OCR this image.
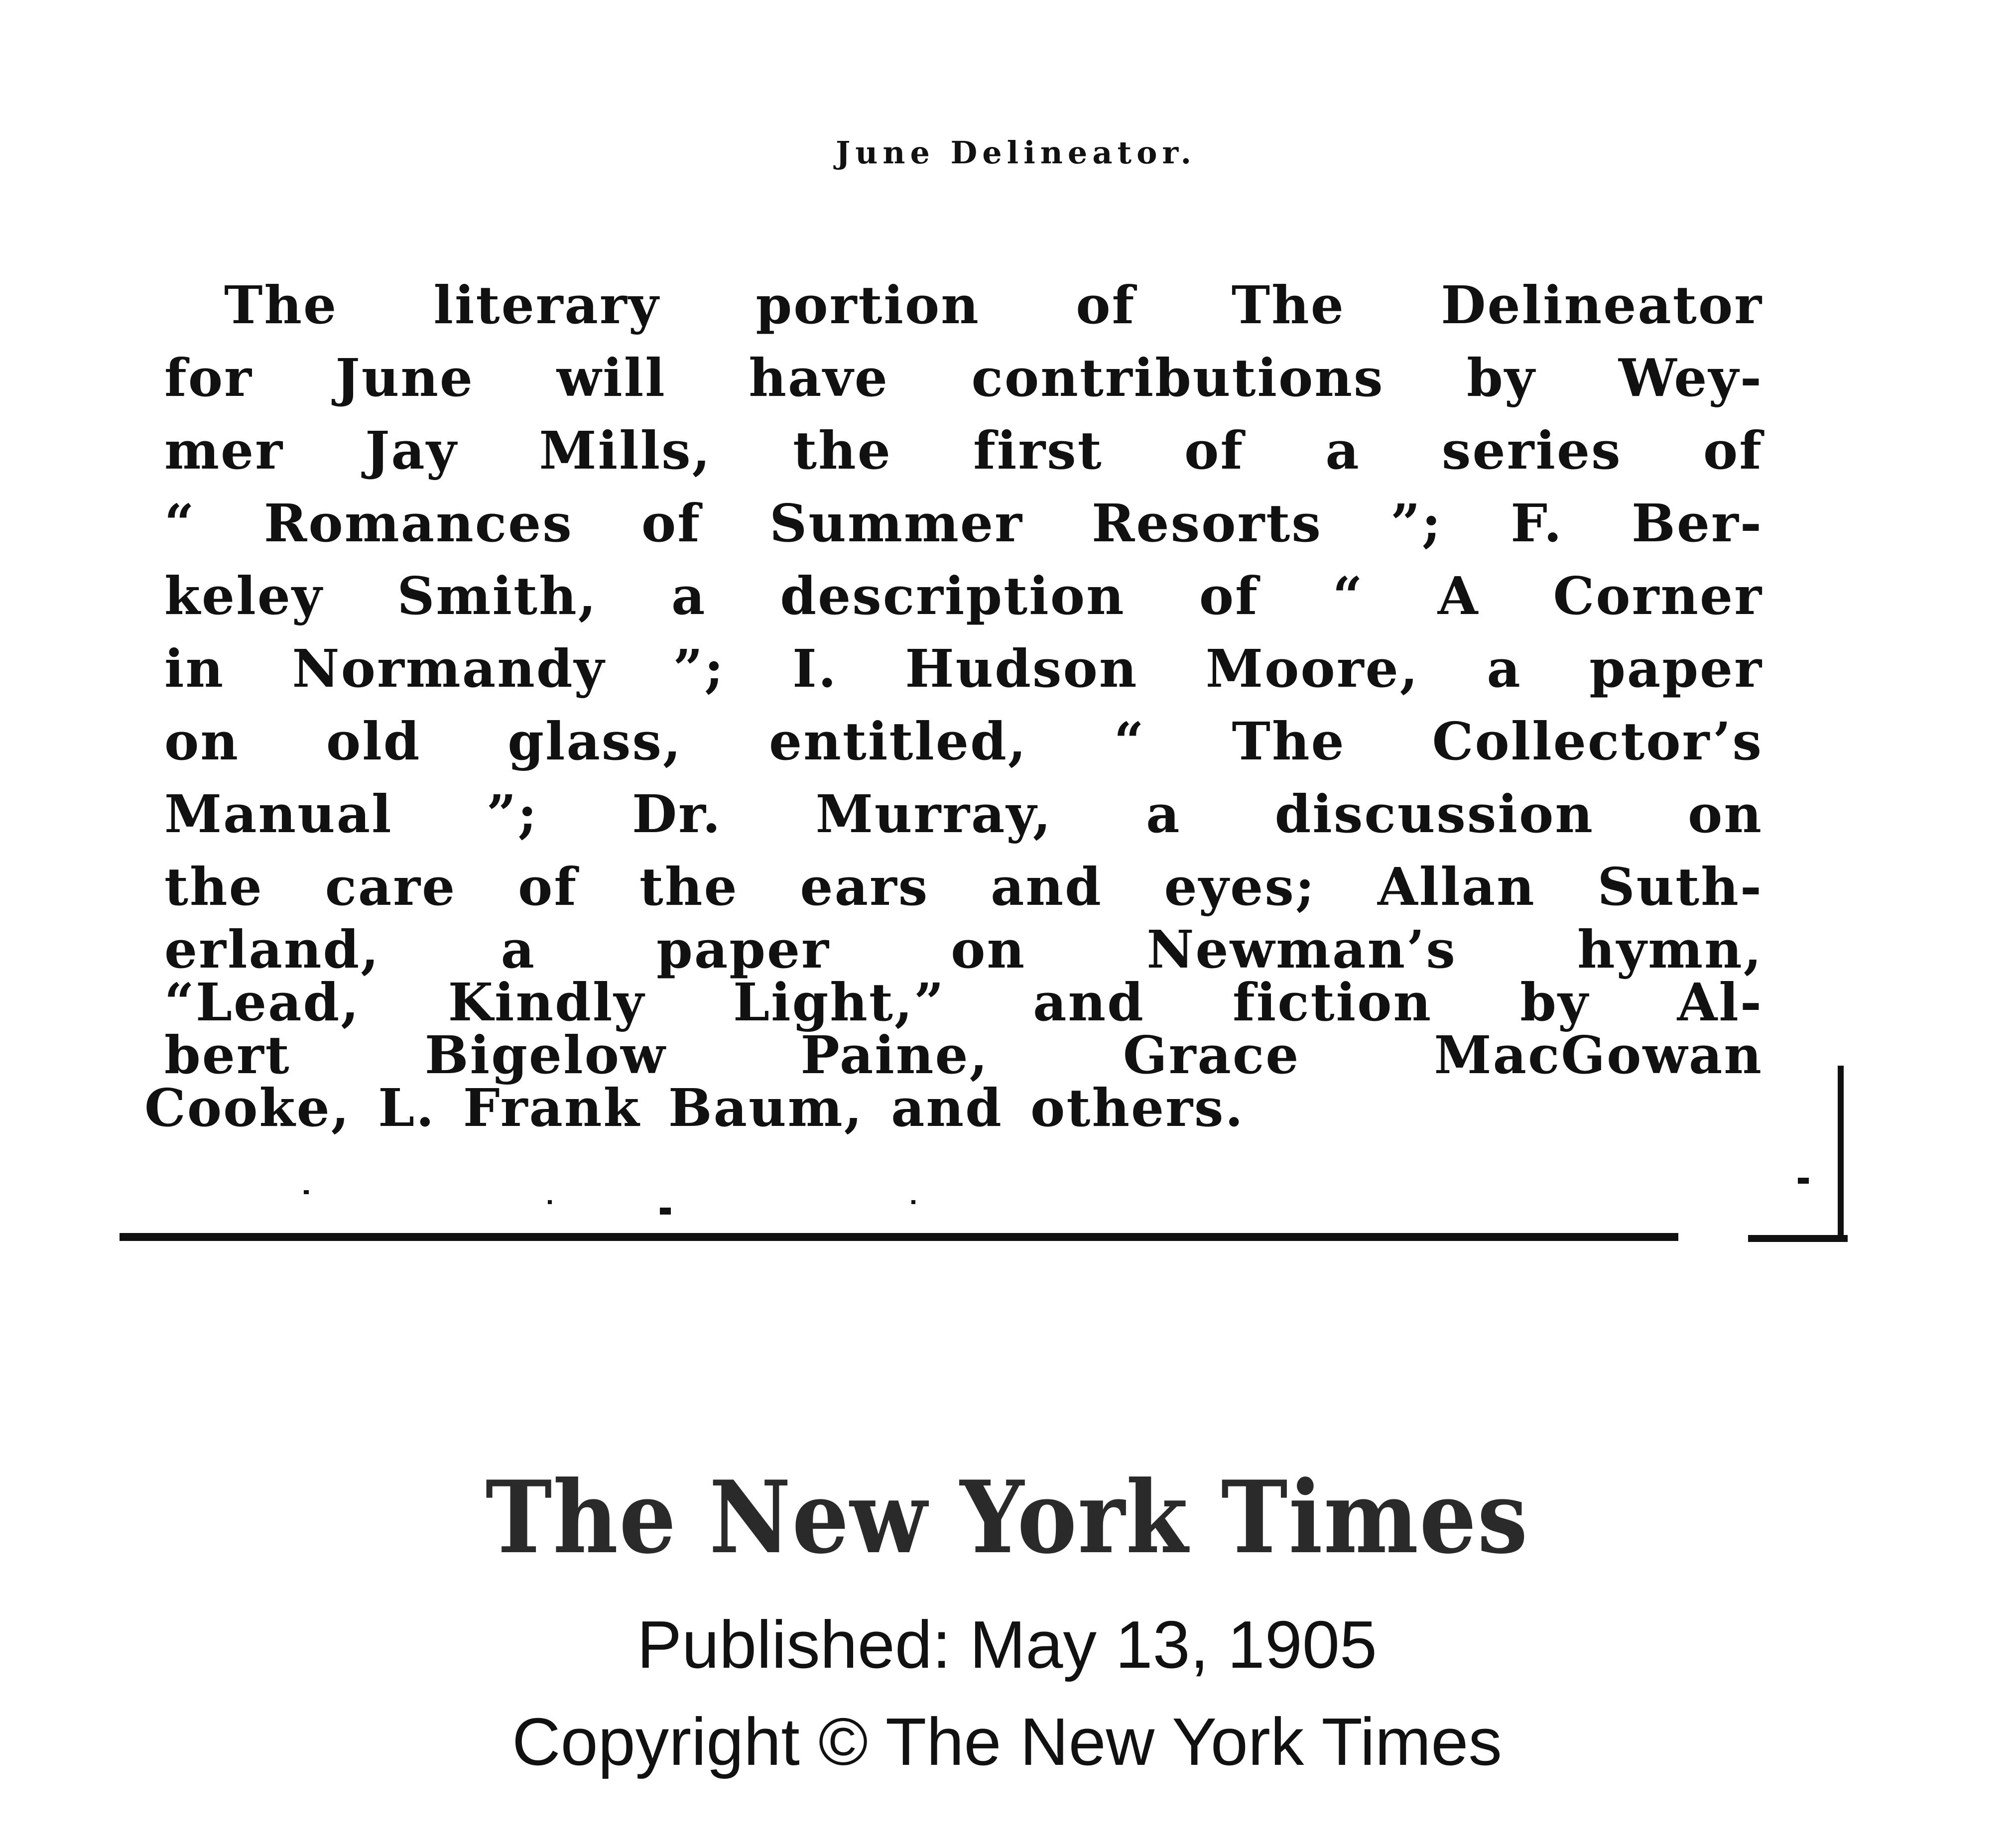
June Delineator.
The literary portion of The Delineator
for June will have contributions by Wey-
mer Jay Mills, the first of a series of
“ Romances of Summer Resorts ”; F. Ber-
keley Smith, a description of “ A Corner
in Normandy ”; I. Hudson Moore, a paper
on old glass, entitled, “ The Collector’s
Manual ”; Dr. Murray, a discussion on
the care of the ears and eyes; Allan Suth-
erland, a paper on Newman’s hymn,
“Lead, Kindly Light,” and fiction by Al-
bert Bigelow Paine, Grace MacGowan
Cooke, L. Frank Baum, and others.
The New York Times
Published: May 13, 1905
Copyright © The New York Times
